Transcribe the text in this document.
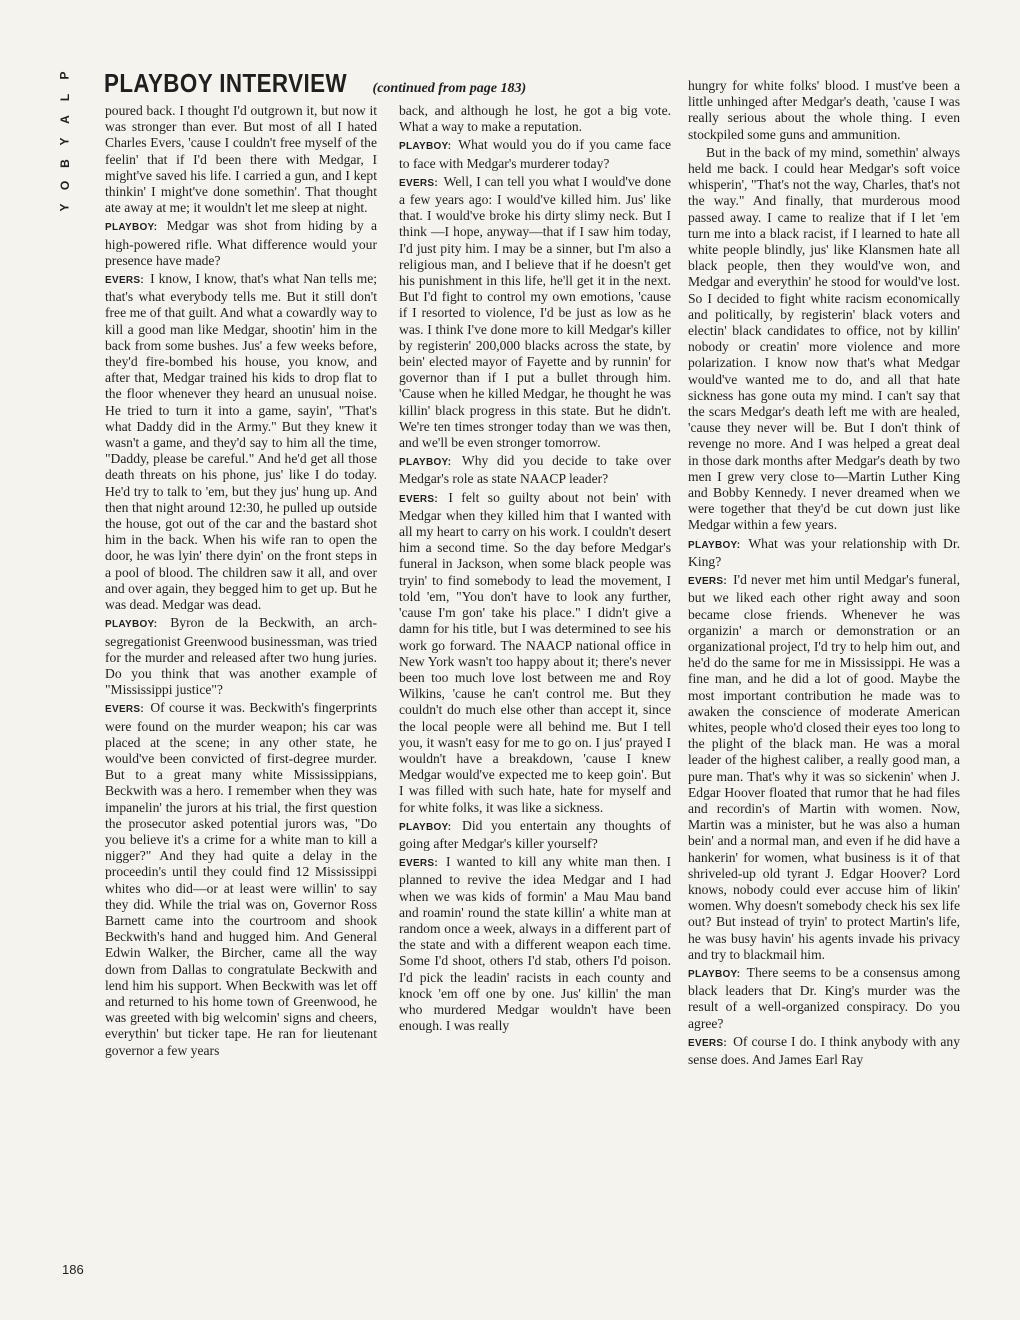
P
L
A
Y
B
O
Y
PLAYBOY INTERVIEW (continued from page 183)

poured back. I thought I'd outgrown it, but now it was stronger than ever. But most of all I hated Charles Evers, 'cause I couldn't free myself of the feelin' that if I'd been there with Medgar, I might've saved his life. I carried a gun, and I kept thinkin' I might've done somethin'. That thought ate away at me; it wouldn't let me sleep at night.

PLAYBOY: Medgar was shot from hiding by a high-powered rifle. What difference would your presence have made?

EVERS: I know, I know, that's what Nan tells me; that's what everybody tells me. But it still don't free me of that guilt. And what a cowardly way to kill a good man like Medgar, shootin' him in the back from some bushes. Jus' a few weeks before, they'd fire-bombed his house, you know, and after that, Medgar trained his kids to drop flat to the floor whenever they heard an unusual noise. He tried to turn it into a game, sayin', "That's what Daddy did in the Army." But they knew it wasn't a game, and they'd say to him all the time, "Daddy, please be careful." And he'd get all those death threats on his phone, jus' like I do today. He'd try to talk to 'em, but they jus' hung up. And then that night around 12:30, he pulled up outside the house, got out of the car and the bastard shot him in the back. When his wife ran to open the door, he was lyin' there dyin' on the front steps in a pool of blood. The children saw it all, and over and over again, they begged him to get up. But he was dead. Medgar was dead.

PLAYBOY: Byron de la Beckwith, an arch-segregationist Greenwood businessman, was tried for the murder and released after two hung juries. Do you think that was another example of "Mississippi justice"?

EVERS: Of course it was. Beckwith's fingerprints were found on the murder weapon; his car was placed at the scene; in any other state, he would've been convicted of first-degree murder. But to a great many white Mississippians, Beckwith was a hero. I remember when they was impanelin' the jurors at his trial, the first question the prosecutor asked potential jurors was, "Do you believe it's a crime for a white man to kill a nigger?" And they had quite a delay in the proceedin's until they could find 12 Mississippi whites who did—or at least were willin' to say they did. While the trial was on, Governor Ross Barnett came into the courtroom and shook Beckwith's hand and hugged him. And General Edwin Walker, the Bircher, came all the way down from Dallas to congratulate Beckwith and lend him his support. When Beckwith was let off and returned to his home town of Greenwood, he was greeted with big welcomin' signs and cheers, everythin' but ticker tape. He ran for lieutenant governor a few years

back, and although he lost, he got a big vote. What a way to make a reputation.

PLAYBOY: What would you do if you came face to face with Medgar's murderer today?

EVERS: Well, I can tell you what I would've done a few years ago: I would've killed him. Jus' like that. I would've broke his dirty slimy neck. But I think —I hope, anyway—that if I saw him today, I'd just pity him. I may be a sinner, but I'm also a religious man, and I believe that if he doesn't get his punishment in this life, he'll get it in the next. But I'd fight to control my own emotions, 'cause if I resorted to violence, I'd be just as low as he was. I think I've done more to kill Medgar's killer by registerin' 200,000 blacks across the state, by bein' elected mayor of Fayette and by runnin' for governor than if I put a bullet through him. 'Cause when he killed Medgar, he thought he was killin' black progress in this state. But he didn't. We're ten times stronger today than we was then, and we'll be even stronger tomorrow.

PLAYBOY: Why did you decide to take over Medgar's role as state NAACP leader?

EVERS: I felt so guilty about not bein' with Medgar when they killed him that I wanted with all my heart to carry on his work. I couldn't desert him a second time. So the day before Medgar's funeral in Jackson, when some black people was tryin' to find somebody to lead the movement, I told 'em, "You don't have to look any further, 'cause I'm gon' take his place." I didn't give a damn for his title, but I was determined to see his work go forward. The NAACP national office in New York wasn't too happy about it; there's never been too much love lost between me and Roy Wilkins, 'cause he can't control me. But they couldn't do much else other than accept it, since the local people were all behind me. But I tell you, it wasn't easy for me to go on. I jus' prayed I wouldn't have a breakdown, 'cause I knew Medgar would've expected me to keep goin'. But I was filled with such hate, hate for myself and for white folks, it was like a sickness.

PLAYBOY: Did you entertain any thoughts of going after Medgar's killer yourself?

EVERS: I wanted to kill any white man then. I planned to revive the idea Medgar and I had when we was kids of formin' a Mau Mau band and roamin' round the state killin' a white man at random once a week, always in a different part of the state and with a different weapon each time. Some I'd shoot, others I'd stab, others I'd poison. I'd pick the leadin' racists in each county and knock 'em off one by one. Jus' killin' the man who murdered Medgar wouldn't have been enough. I was really

hungry for white folks' blood. I must've been a little unhinged after Medgar's death, 'cause I was really serious about the whole thing. I even stockpiled some guns and ammunition.

But in the back of my mind, somethin' always held me back. I could hear Medgar's soft voice whisperin', "That's not the way, Charles, that's not the way." And finally, that murderous mood passed away. I came to realize that if I let 'em turn me into a black racist, if I learned to hate all white people blindly, jus' like Klansmen hate all black people, then they would've won, and Medgar and everythin' he stood for would've lost. So I decided to fight white racism economically and politically, by registerin' black voters and electin' black candidates to office, not by killin' nobody or creatin' more violence and more polarization. I know now that's what Medgar would've wanted me to do, and all that hate sickness has gone outa my mind. I can't say that the scars Medgar's death left me with are healed, 'cause they never will be. But I don't think of revenge no more. And I was helped a great deal in those dark months after Medgar's death by two men I grew very close to—Martin Luther King and Bobby Kennedy. I never dreamed when we were together that they'd be cut down just like Medgar within a few years.

PLAYBOY: What was your relationship with Dr. King?

EVERS: I'd never met him until Medgar's funeral, but we liked each other right away and soon became close friends. Whenever he was organizin' a march or demonstration or an organizational project, I'd try to help him out, and he'd do the same for me in Mississippi. He was a fine man, and he did a lot of good. Maybe the most important contribution he made was to awaken the conscience of moderate American whites, people who'd closed their eyes too long to the plight of the black man. He was a moral leader of the highest caliber, a really good man, a pure man. That's why it was so sickenin' when J. Edgar Hoover floated that rumor that he had files and recordin's of Martin with women. Now, Martin was a minister, but he was also a human bein' and a normal man, and even if he did have a hankerin' for women, what business is it of that shriveled-up old tyrant J. Edgar Hoover? Lord knows, nobody could ever accuse him of likin' women. Why doesn't somebody check his sex life out? But instead of tryin' to protect Martin's life, he was busy havin' his agents invade his privacy and try to blackmail him.

PLAYBOY: There seems to be a consensus among black leaders that Dr. King's murder was the result of a well-organized conspiracy. Do you agree?

EVERS: Of course I do. I think anybody with any sense does. And James Earl Ray

186
